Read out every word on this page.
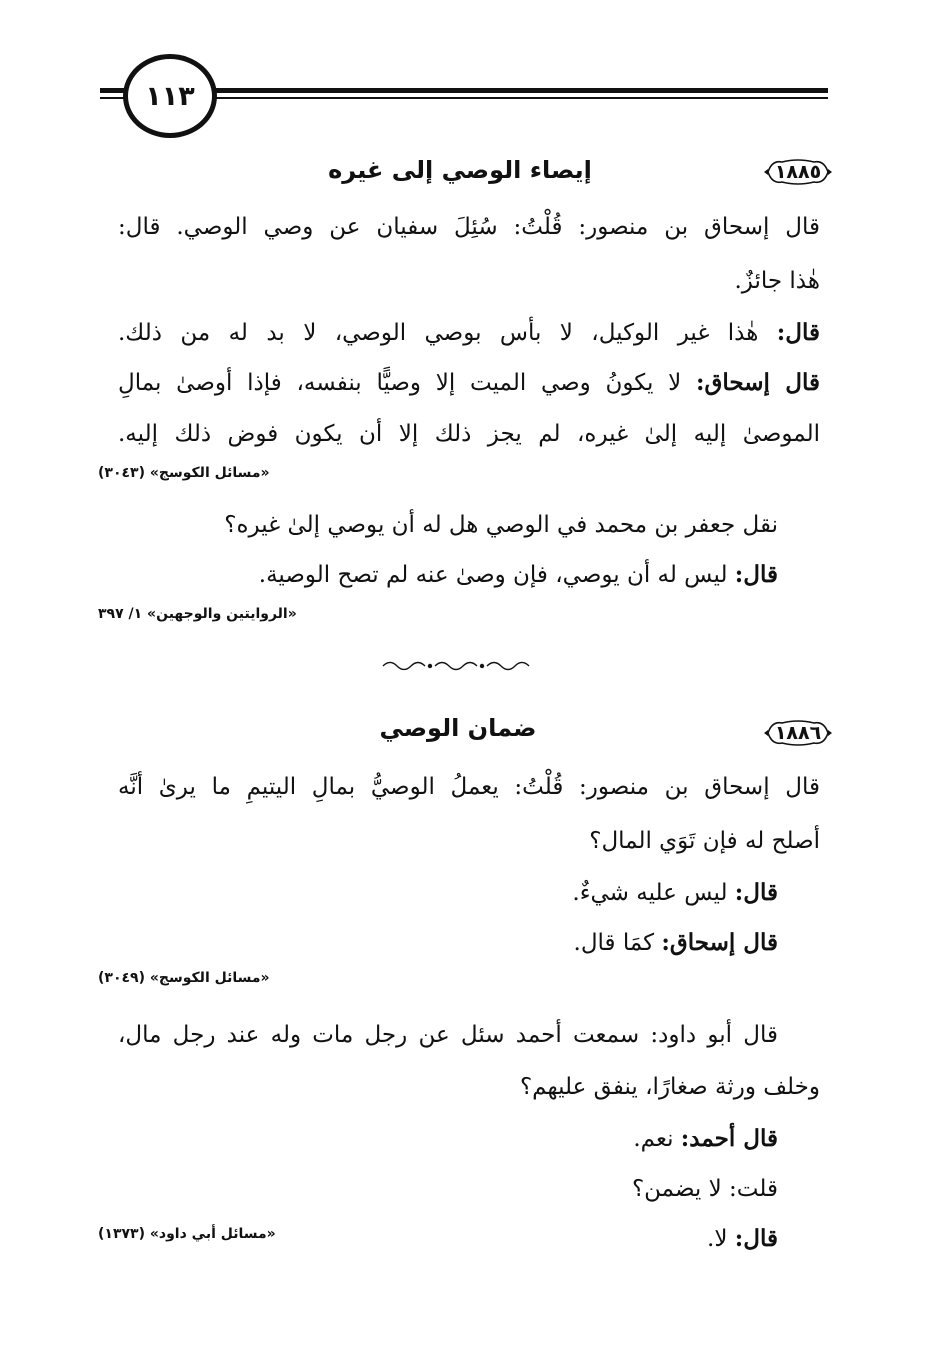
١١٣
١٨٨٥
إيصاء الوصي إلى غيره
قال إسحاق بن منصور: قُلْتُ: سُئِلَ سفيان عن وصي الوصي. قال:
هٰذا جائزٌ.
قال: هٰذا غير الوكيل، لا بأس بوصي الوصي، لا بد له من ذلك.
قال إسحاق: لا يكونُ وصي الميت إلا وصيًّا بنفسه، فإذا أوصىٰ بمالِ
الموصىٰ إليه إلىٰ غيره، لم يجز ذلك إلا أن يكون فوض ذلك إليه.
«مسائل الكوسج» (٣٠٤٣)
نقل جعفر بن محمد في الوصي هل له أن يوصي إلىٰ غيره؟
قال: ليس له أن يوصي، فإن وصىٰ عنه لم تصح الوصية.
«الروايتين والوجهين» ١/ ٣٩٧
١٨٨٦
ضمان الوصي
قال إسحاق بن منصور: قُلْتُ: يعملُ الوصيُّ بمالِ اليتيمِ ما يرىٰ أنَّه
أصلح له فإن تَوَي المال؟
قال: ليس عليه شيءٌ.
قال إسحاق: كمَا قال.
«مسائل الكوسج» (٣٠٤٩)
قال أبو داود: سمعت أحمد سئل عن رجل مات وله عند رجل مال،
وخلف ورثة صغارًا، ينفق عليهم؟
قال أحمد: نعم.
قلت: لا يضمن؟
قال: لا.
«مسائل أبي داود» (١٣٧٣)
